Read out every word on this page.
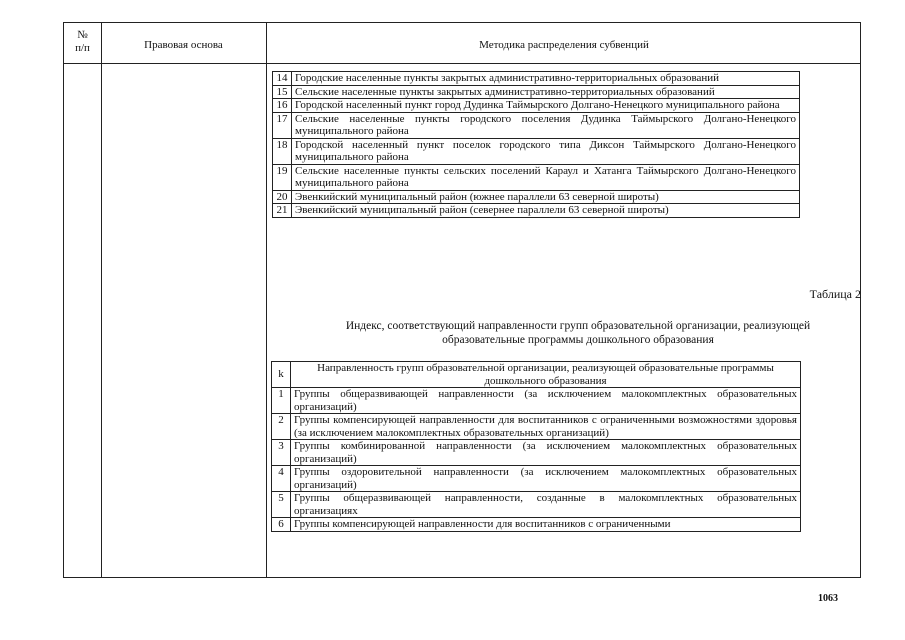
№
п/п	Правовая основа	Методика распределения субвенций
14	Городские населенные пункты закрытых административно-территориальных образований
15	Сельские населенные пункты закрытых административно-территориальных образований
16	Городской населенный пункт город Дудинка Таймырского Долгано-Ненецкого муниципального района
17	Сельские населенные пункты городского поселения Дудинка Таймырского Долгано-Ненецкого муниципального района
18	Городской населенный пункт поселок городского типа Диксон Таймырского Долгано-Ненецкого муниципального района
19	Сельские населенные пункты сельских поселений Караул и Хатанга Таймырского Долгано-Ненецкого муниципального района
20	Эвенкийский муниципальный район (южнее параллели 63 северной широты)
21	Эвенкийский муниципальный район (севернее параллели 63 северной широты)
Таблица 2
Индекс, соответствующий направленности групп образовательной организации, реализующей образовательные программы дошкольного образования
k	Направленность групп образовательной организации, реализующей образовательные программы дошкольного образования
1	Группы общеразвивающей направленности (за исключением малокомплектных образовательных организаций)
2	Группы компенсирующей направленности для воспитанников с ограниченными возможностями здоровья (за исключением малокомплектных образовательных организаций)
3	Группы комбинированной направленности (за исключением малокомплектных образовательных организаций)
4	Группы оздоровительной направленности (за исключением малокомплектных образовательных организаций)
5	Группы общеразвивающей направленности, созданные в малокомплектных образовательных организациях
6	Группы компенсирующей направленности для воспитанников с ограниченными
1063
